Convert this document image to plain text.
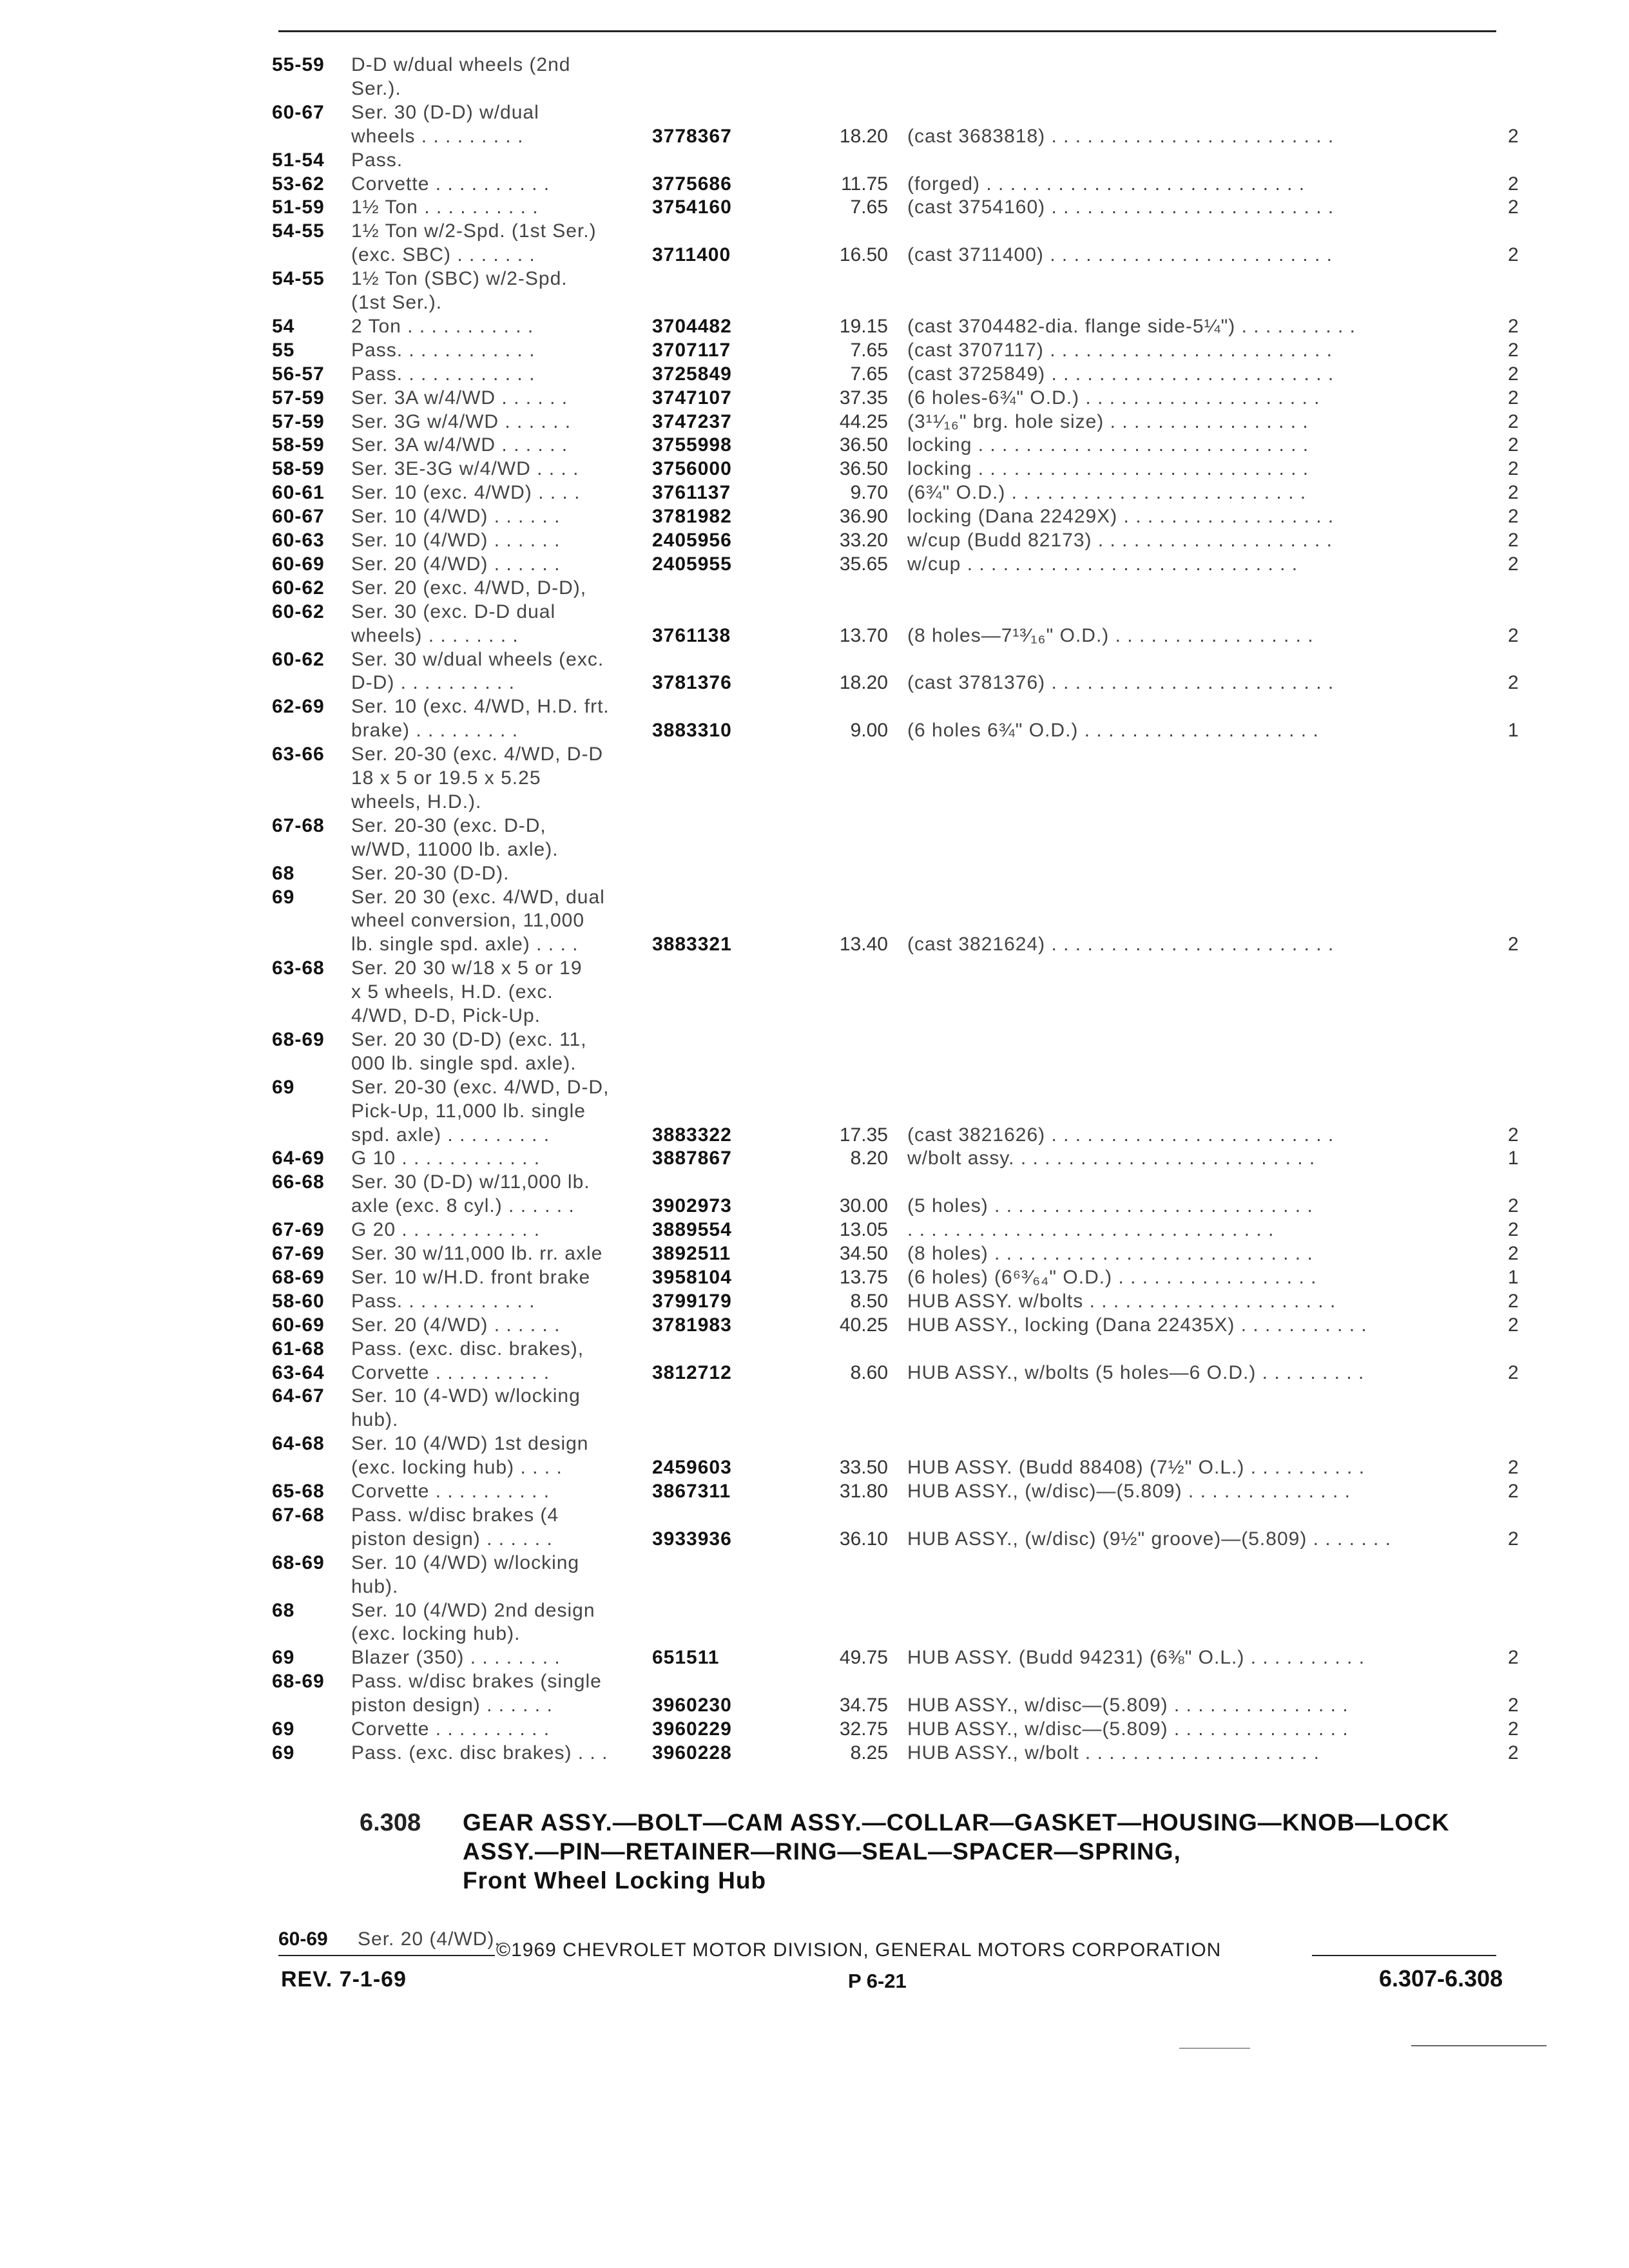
55-59 D-D w/dual wheels (2nd
Ser.).
60-67 Ser. 30 (D-D) w/dual
wheels . . . . . . . . .	3778367	18.20 (cast 3683818) . . . . . . . . . . . . . . . . . . . . . . . .	2
51-54 Pass.
53-62 Corvette . . . . . . . . . .	3775686	11.75 (forged) . . . . . . . . . . . . . . . . . . . . . . . . . . .	2
51-59 1½ Ton . . . . . . . . . .	3754160	7.65 (cast 3754160) . . . . . . . . . . . . . . . . . . . . . . . .	2
54-55 1½ Ton w/2-Spd. (1st Ser.)
(exc. SBC) . . . . . . .	3711400	16.50 (cast 3711400) . . . . . . . . . . . . . . . . . . . . . . . .	2
54-55 1½ Ton (SBC) w/2-Spd.
(1st Ser.).
54	2 Ton . . . . . . . . . . .	3704482	19.15 (cast 3704482-dia. flange side-5¼") . . . . . . . . . .	2
55	Pass. . . . . . . . . . . .	3707117	7.65 (cast 3707117) . . . . . . . . . . . . . . . . . . . . . . . .	2
56-57 Pass. . . . . . . . . . . .	3725849	7.65 (cast 3725849) . . . . . . . . . . . . . . . . . . . . . . . .	2
57-59 Ser. 3A w/4/WD . . . . . .	3747107	37.35 (6 holes-6¾" O.D.) . . . . . . . . . . . . . . . . . . . .	2
57-59 Ser. 3G w/4/WD . . . . . .	3747237	44.25 (3¹¹⁄₁₆" brg. hole size) . . . . . . . . . . . . . . . . .	2
58-59 Ser. 3A w/4/WD . . . . . .	3755998	36.50 locking . . . . . . . . . . . . . . . . . . . . . . . . . . . .	2
58-59 Ser. 3E-3G w/4/WD . . . .	3756000	36.50 locking . . . . . . . . . . . . . . . . . . . . . . . . . . . .	2
60-61 Ser. 10 (exc. 4/WD) . . . .	3761137	9.70 (6¾" O.D.) . . . . . . . . . . . . . . . . . . . . . . . . .	2
60-67 Ser. 10 (4/WD) . . . . . .	3781982	36.90 locking (Dana 22429X) . . . . . . . . . . . . . . . . . .	2
60-63 Ser. 10 (4/WD) . . . . . .	2405956	33.20 w/cup (Budd 82173) . . . . . . . . . . . . . . . . . . . .	2
60-69 Ser. 20 (4/WD) . . . . . .	2405955	35.65 w/cup . . . . . . . . . . . . . . . . . . . . . . . . . . . .	2
60-62 Ser. 20 (exc. 4/WD, D-D),
60-62 Ser. 30 (exc. D-D dual
wheels) . . . . . . . .	3761138	13.70 (8 holes—7¹³⁄₁₆" O.D.) . . . . . . . . . . . . . . . . .	2
60-62 Ser. 30 w/dual wheels (exc.
D-D) . . . . . . . . . .	3781376	18.20 (cast 3781376) . . . . . . . . . . . . . . . . . . . . . . . .	2
62-69 Ser. 10 (exc. 4/WD, H.D. frt.
brake) . . . . . . . . .	3883310	9.00 (6 holes 6¾" O.D.) . . . . . . . . . . . . . . . . . . . .	1
63-66 Ser. 20-30 (exc. 4/WD, D-D
18 x 5 or 19.5 x 5.25
wheels, H.D.).
67-68 Ser. 20-30 (exc. D-D,
w/WD, 11000 lb. axle).
68	Ser. 20-30 (D-D).
69	Ser. 20 30 (exc. 4/WD, dual
wheel conversion, 11,000
lb. single spd. axle) . . . .	3883321	13.40 (cast 3821624) . . . . . . . . . . . . . . . . . . . . . . . .	2
63-68 Ser. 20 30 w/18 x 5 or 19
x 5 wheels, H.D. (exc.
4/WD, D-D, Pick-Up.
68-69 Ser. 20 30 (D-D) (exc. 11,
000 lb. single spd. axle).
69	Ser. 20-30 (exc. 4/WD, D-D,
Pick-Up, 11,000 lb. single
spd. axle) . . . . . . . . .	3883322	17.35 (cast 3821626) . . . . . . . . . . . . . . . . . . . . . . . .	2
64-69 G 10 . . . . . . . . . . . .	3887867	8.20 w/bolt assy. . . . . . . . . . . . . . . . . . . . . . . . . .	1
66-68 Ser. 30 (D-D) w/11,000 lb.
axle (exc. 8 cyl.) . . . . . .	3902973	30.00 (5 holes) . . . . . . . . . . . . . . . . . . . . . . . . . . .	2
67-69 G 20 . . . . . . . . . . . .	3889554	13.05 . . . . . . . . . . . . . . . . . . . . . . . . . . . . . . .	2
67-69 Ser. 30 w/11,000 lb. rr. axle	3892511	34.50 (8 holes) . . . . . . . . . . . . . . . . . . . . . . . . . . .	2
68-69 Ser. 10 w/H.D. front brake	3958104	13.75 (6 holes) (6⁶³⁄₆₄" O.D.) . . . . . . . . . . . . . . . . .	1
58-60 Pass. . . . . . . . . . . .	3799179	8.50 HUB ASSY. w/bolts . . . . . . . . . . . . . . . . . . . . .	2
60-69 Ser. 20 (4/WD) . . . . . .	3781983	40.25 HUB ASSY., locking (Dana 22435X) . . . . . . . . . . .	2
61-68 Pass. (exc. disc. brakes),
63-64 Corvette . . . . . . . . . .	3812712	8.60 HUB ASSY., w/bolts (5 holes—6 O.D.) . . . . . . . . .	2
64-67 Ser. 10 (4-WD) w/locking
hub).
64-68 Ser. 10 (4/WD) 1st design
(exc. locking hub) . . . .	2459603	33.50 HUB ASSY. (Budd 88408) (7½" O.L.) . . . . . . . . . .	2
65-68 Corvette . . . . . . . . . .	3867311	31.80 HUB ASSY., (w/disc)—(5.809) . . . . . . . . . . . . . .	2
67-68 Pass. w/disc brakes (4
piston design) . . . . . .	3933936	36.10 HUB ASSY., (w/disc) (9½" groove)—(5.809) . . . . . . .	2
68-69 Ser. 10 (4/WD) w/locking
hub).
68	Ser. 10 (4/WD) 2nd design
(exc. locking hub).
69	Blazer (350) . . . . . . . .	651511	49.75 HUB ASSY. (Budd 94231) (6⅜" O.L.) . . . . . . . . . .	2
68-69 Pass. w/disc brakes (single
piston design) . . . . . .	3960230	34.75 HUB ASSY., w/disc—(5.809) . . . . . . . . . . . . . . .	2
69	Corvette . . . . . . . . . .	3960229	32.75 HUB ASSY., w/disc—(5.809) . . . . . . . . . . . . . . .	2
69	Pass. (exc. disc brakes) . . . 3960228	8.25 HUB ASSY., w/bolt . . . . . . . . . . . . . . . . . . . .	2
6.308 GEAR ASSY.—BOLT—CAM ASSY.—COLLAR—GASKET—HOUSING—KNOB—LOCK ASSY.—PIN—RETAINER—RING—SEAL—SPACER—SPRING,
Front Wheel Locking Hub
60-69 Ser. 20 (4/WD).
©1969 CHEVROLET MOTOR DIVISION, GENERAL MOTORS CORPORATION
REV. 7-1-69	P 6-21	6.307-6.308
